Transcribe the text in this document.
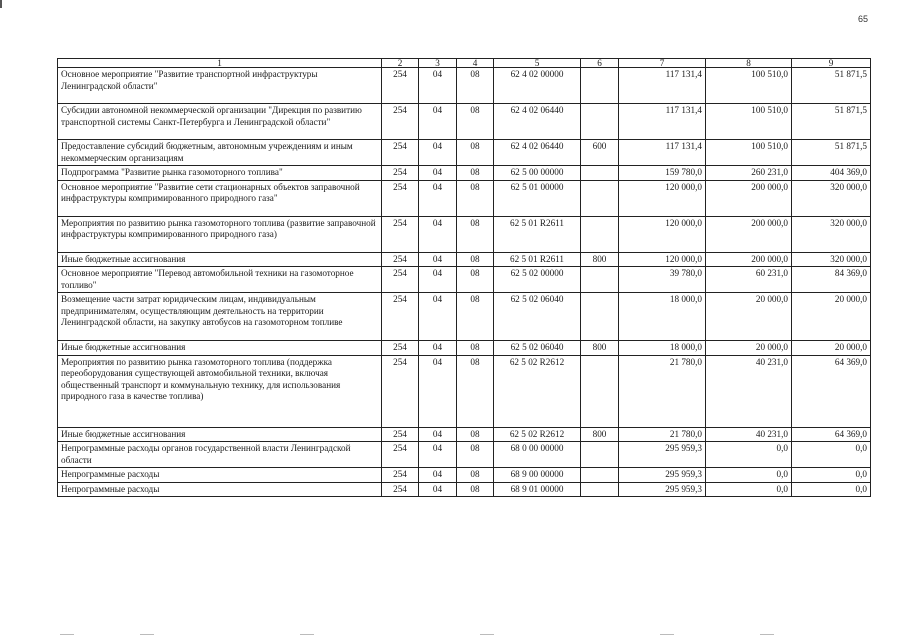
65
1	2	3	4	5	6	7	8	9
Основное мероприятие "Развитие транспортной инфраструктуры Ленинградской области"	254	04	08	62 4 02 00000		117 131,4	100 510,0	51 871,5
Субсидии автономной некоммерческой организации "Дирекция по развитию транспортной системы Санкт-Петербурга и Ленинградской области"	254	04	08	62 4 02 06440		117 131,4	100 510,0	51 871,5
Предоставление субсидий бюджетным, автономным учреждениям и иным некоммерческим организациям	254	04	08	62 4 02 06440	600	117 131,4	100 510,0	51 871,5
Подпрограмма "Развитие рынка газомоторного топлива"	254	04	08	62 5 00 00000		159 780,0	260 231,0	404 369,0
Основное мероприятие "Развитие сети стационарных объектов заправочной инфраструктуры компримированного природного газа"	254	04	08	62 5 01 00000		120 000,0	200 000,0	320 000,0
Мероприятия по развитию рынка газомоторного топлива (развитие заправочной инфраструктуры компримированного природного газа)	254	04	08	62 5 01 R2611		120 000,0	200 000,0	320 000,0
Иные бюджетные ассигнования	254	04	08	62 5 01 R2611	800	120 000,0	200 000,0	320 000,0
Основное мероприятие "Перевод автомобильной техники на газомоторное топливо"	254	04	08	62 5 02 00000		39 780,0	60 231,0	84 369,0
Возмещение части затрат юридическим лицам, индивидуальным предпринимателям, осуществляющим деятельность на территории Ленинградской области, на закупку автобусов на газомоторном топливе	254	04	08	62 5 02 06040		18 000,0	20 000,0	20 000,0
Иные бюджетные ассигнования	254	04	08	62 5 02 06040	800	18 000,0	20 000,0	20 000,0
Мероприятия по развитию рынка газомоторного топлива (поддержка переоборудования существующей автомобильной техники, включая общественный транспорт и коммунальную технику, для использования природного газа в качестве топлива)	254	04	08	62 5 02 R2612		21 780,0	40 231,0	64 369,0
Иные бюджетные ассигнования	254	04	08	62 5 02 R2612	800	21 780,0	40 231,0	64 369,0
Непрограммные расходы органов государственной власти Ленинградской области	254	04	08	68 0 00 00000		295 959,3	0,0	0,0
Непрограммные расходы	254	04	08	68 9 00 00000		295 959,3	0,0	0,0
Непрограммные расходы	254	04	08	68 9 01 00000		295 959,3	0,0	0,0
